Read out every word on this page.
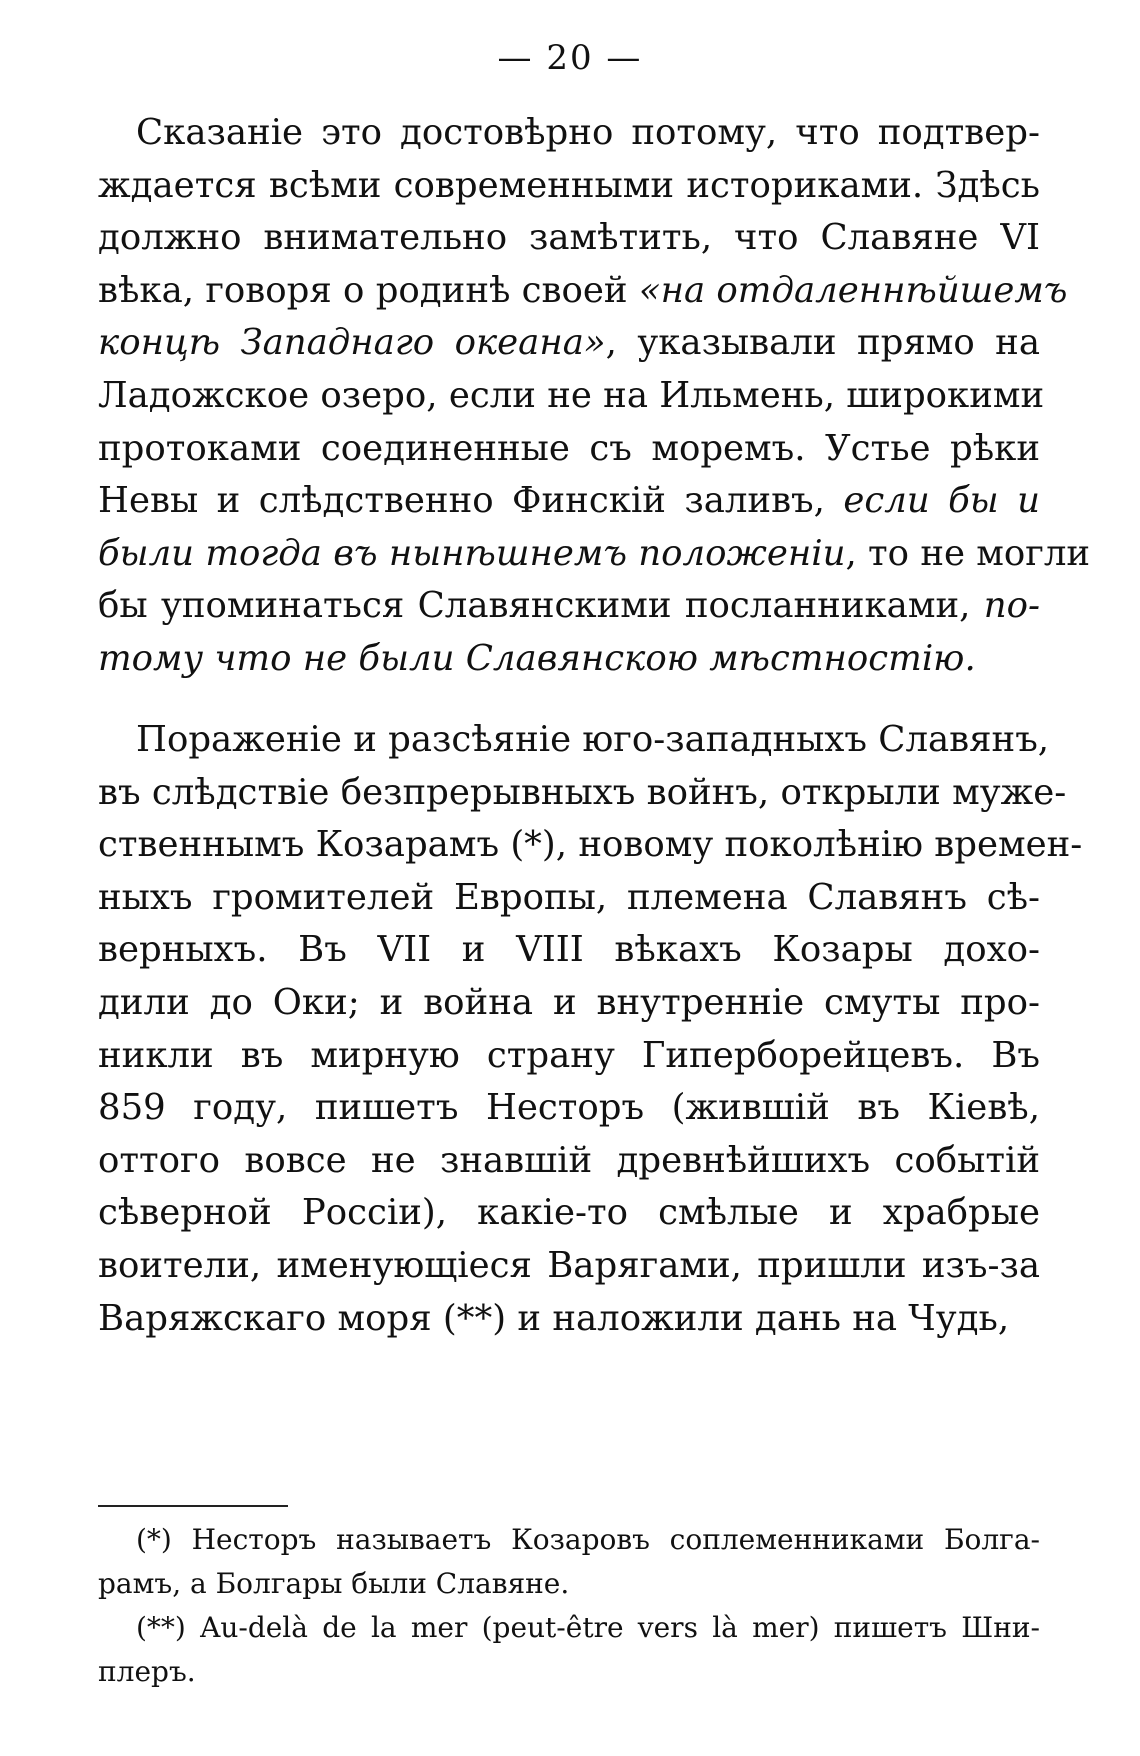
— 20 —
Сказаніе это достовѣрно потому, что подтвер-
ждается всѣми современными историками. Здѣсь
должно внимательно замѣтить, что Славяне VI
вѣка, говоря о родинѣ своей «на отдаленнѣйшемъ
концѣ Западнаго океана», указывали прямо на
Ладожское озеро, если не на Ильмень, широкими
протоками соединенные съ моремъ. Устье рѣки
Невы и слѣдственно Финскій заливъ, если бы и
были тогда въ нынѣшнемъ положеніи, то не могли
бы упоминаться Славянскими посланниками, по-
тому что не были Славянскою мѣстностію.
Пораженіе и разсѣяніе юго-западныхъ Славянъ,
въ слѣдствіе безпрерывныхъ войнъ, открыли муже-
ственнымъ Козарамъ (*), новому поколѣнію времен-
ныхъ громителей Европы, племена Славянъ сѣ-
верныхъ. Въ VII и VIII вѣкахъ Козары дохо-
дили до Оки; и война и внутренніе смуты про-
никли въ мирную страну Гиперборейцевъ. Въ
859 году, пишетъ Несторъ (жившій въ Кіевѣ,
оттого вовсе не знавшій древнѣйшихъ событій
сѣверной Россіи), какіе-то смѣлые и храбрые
воители, именующіеся Варягами, пришли изъ-за
Варяжскаго моря (**) и наложили дань на Чудь,
(*) Несторъ называетъ Козаровъ соплеменниками Болга-
рамъ, а Болгары были Славяне.
(**) Au-delà de la mer (peut-être vers là mer) пишетъ Шни-
плеръ.
